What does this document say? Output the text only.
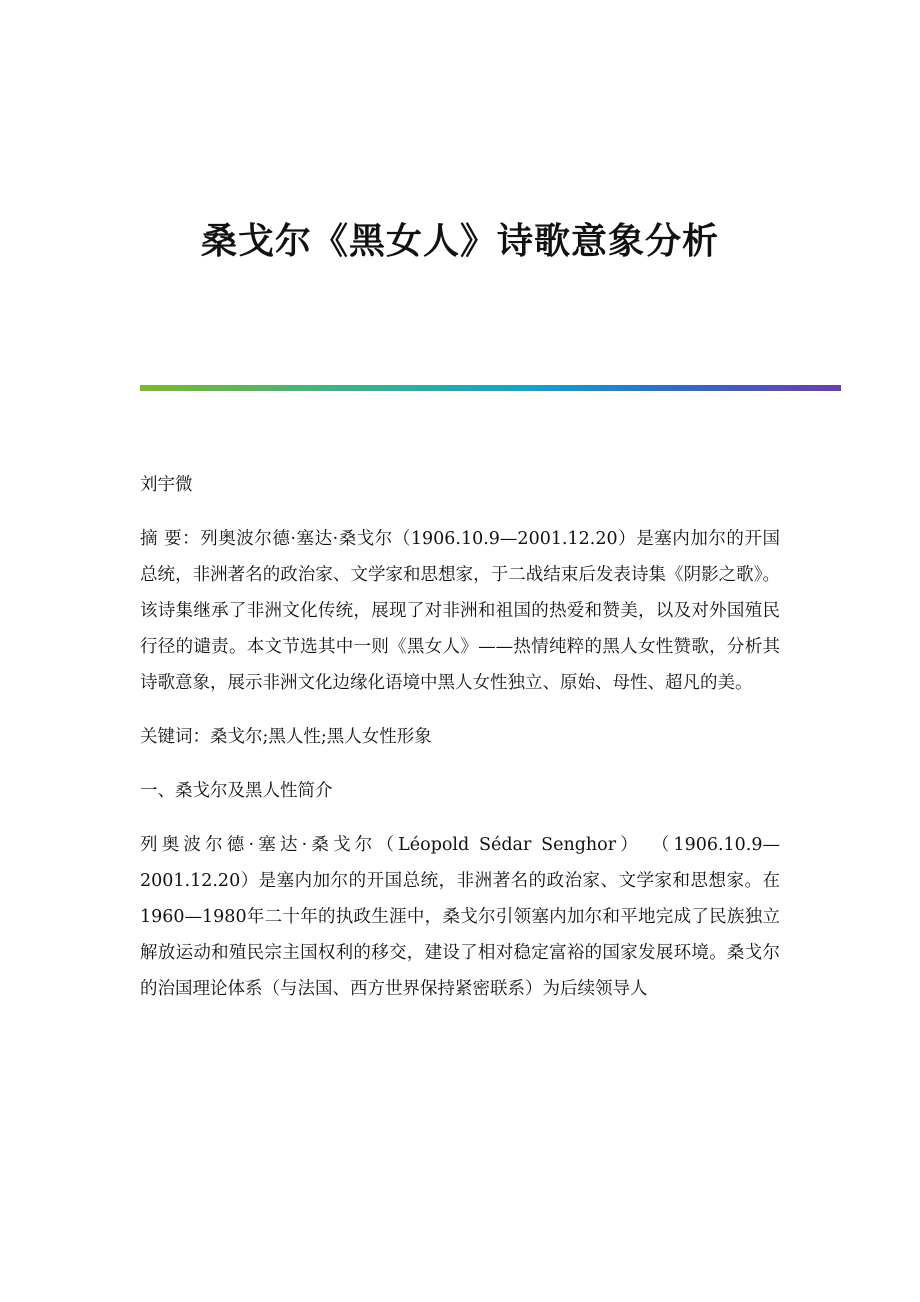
桑戈尔《黑女人》诗歌意象分析

刘宇微

摘 要：列奥波尔德·塞达·桑戈尔（1906.10.9—2001.12.20）是塞内加尔的开国总统，非洲著名的政治家、文学家和思想家，于二战结束后发表诗集《阴影之歌》。该诗集继承了非洲文化传统，展现了对非洲和祖国的热爱和赞美，以及对外国殖民行径的谴责。本文节选其中一则《黑女人》——热情纯粹的黑人女性赞歌，分析其诗歌意象，展示非洲文化边缘化语境中黑人女性独立、原始、母性、超凡的美。

关键词：桑戈尔;黑人性;黑人女性形象

一、桑戈尔及黑人性简介

列奥波尔德·塞达·桑戈尔（Léopold Sédar Senghor） （1906.10.9—2001.12.20）是塞内加尔的开国总统，非洲著名的政治家、文学家和思想家。在1960—1980年二十年的执政生涯中，桑戈尔引领塞内加尔和平地完成了民族独立解放运动和殖民宗主国权利的移交，建设了相对稳定富裕的国家发展环境。桑戈尔的治国理论体系（与法国、西方世界保持紧密联系）为后续领导人
